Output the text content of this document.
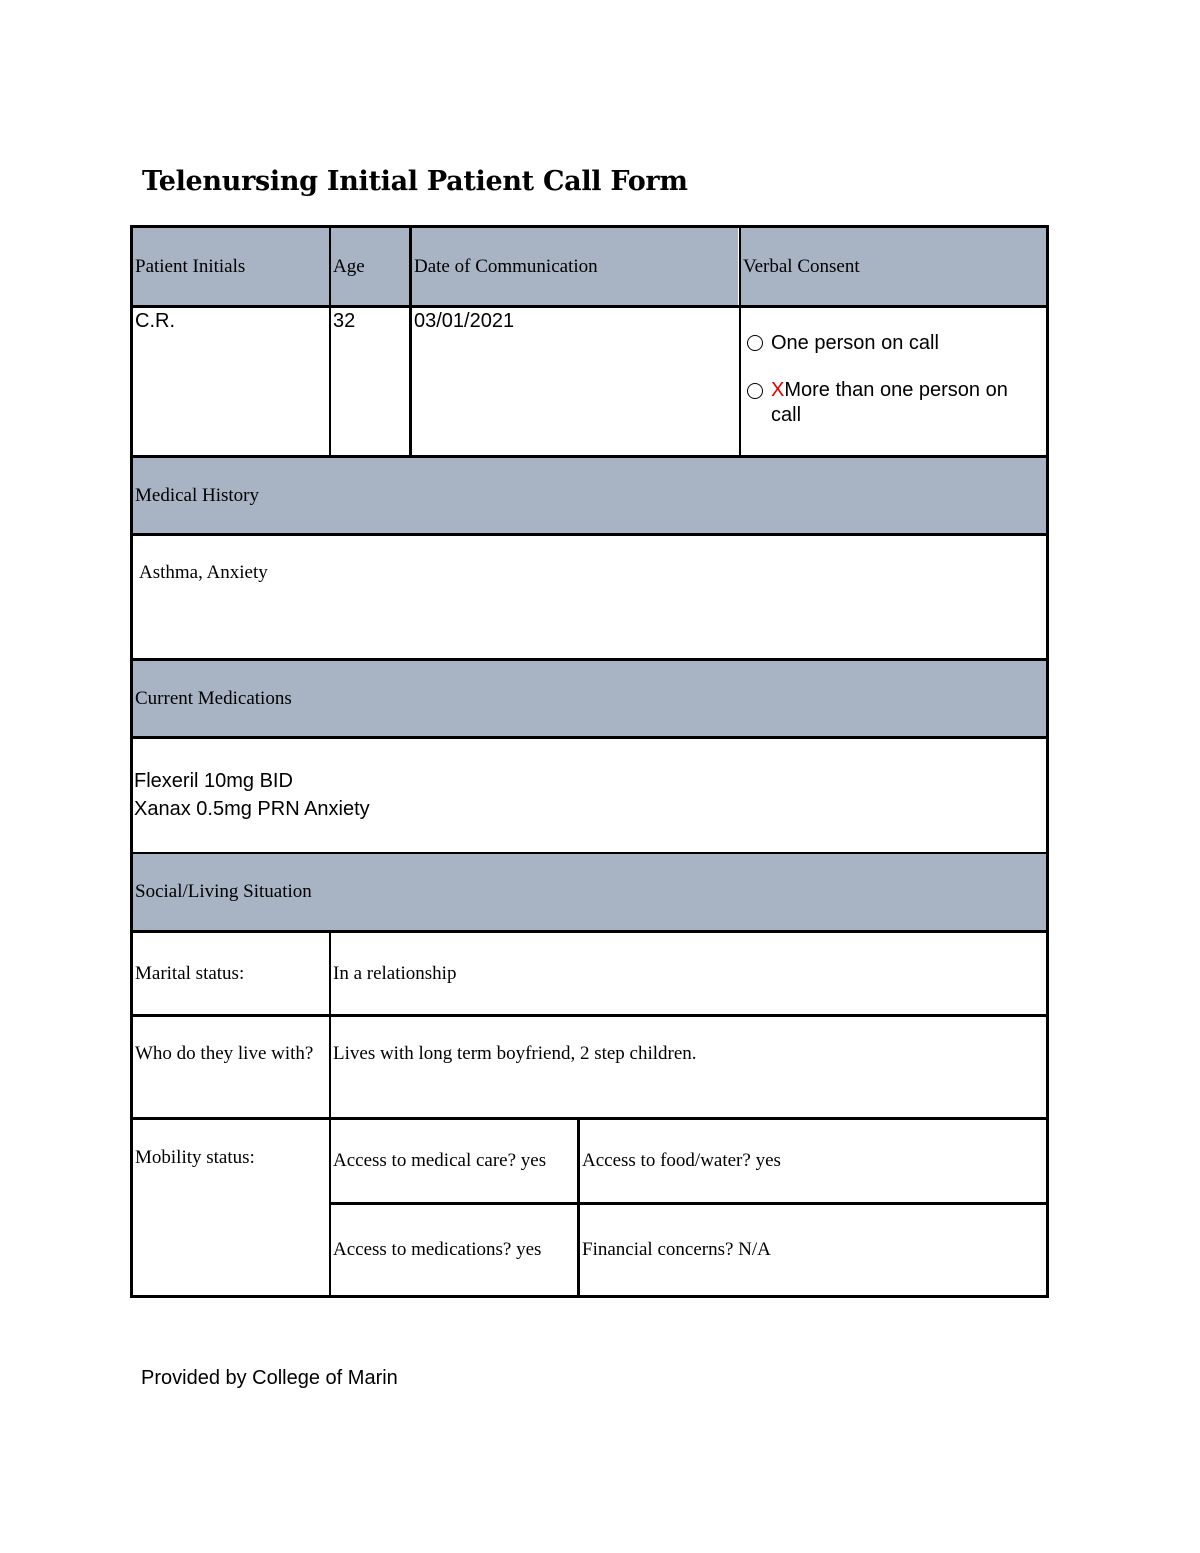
Telenursing Initial Patient Call Form
Patient Initials	Age	Date of Communication	Verbal Consent
C.R.	32	03/01/2021
One person on call
XMore than one person on call
Medical History
Asthma, Anxiety
Current Medications
Flexeril 10mg BID
Xanax 0.5mg PRN Anxiety
Social/Living Situation
Marital status:	In a relationship
Who do they live with?	Lives with long term boyfriend, 2 step children.
Mobility status:	Access to medical care? yes	Access to food/water? yes
Access to medications? yes	Financial concerns? N/A
Provided by College of Marin
